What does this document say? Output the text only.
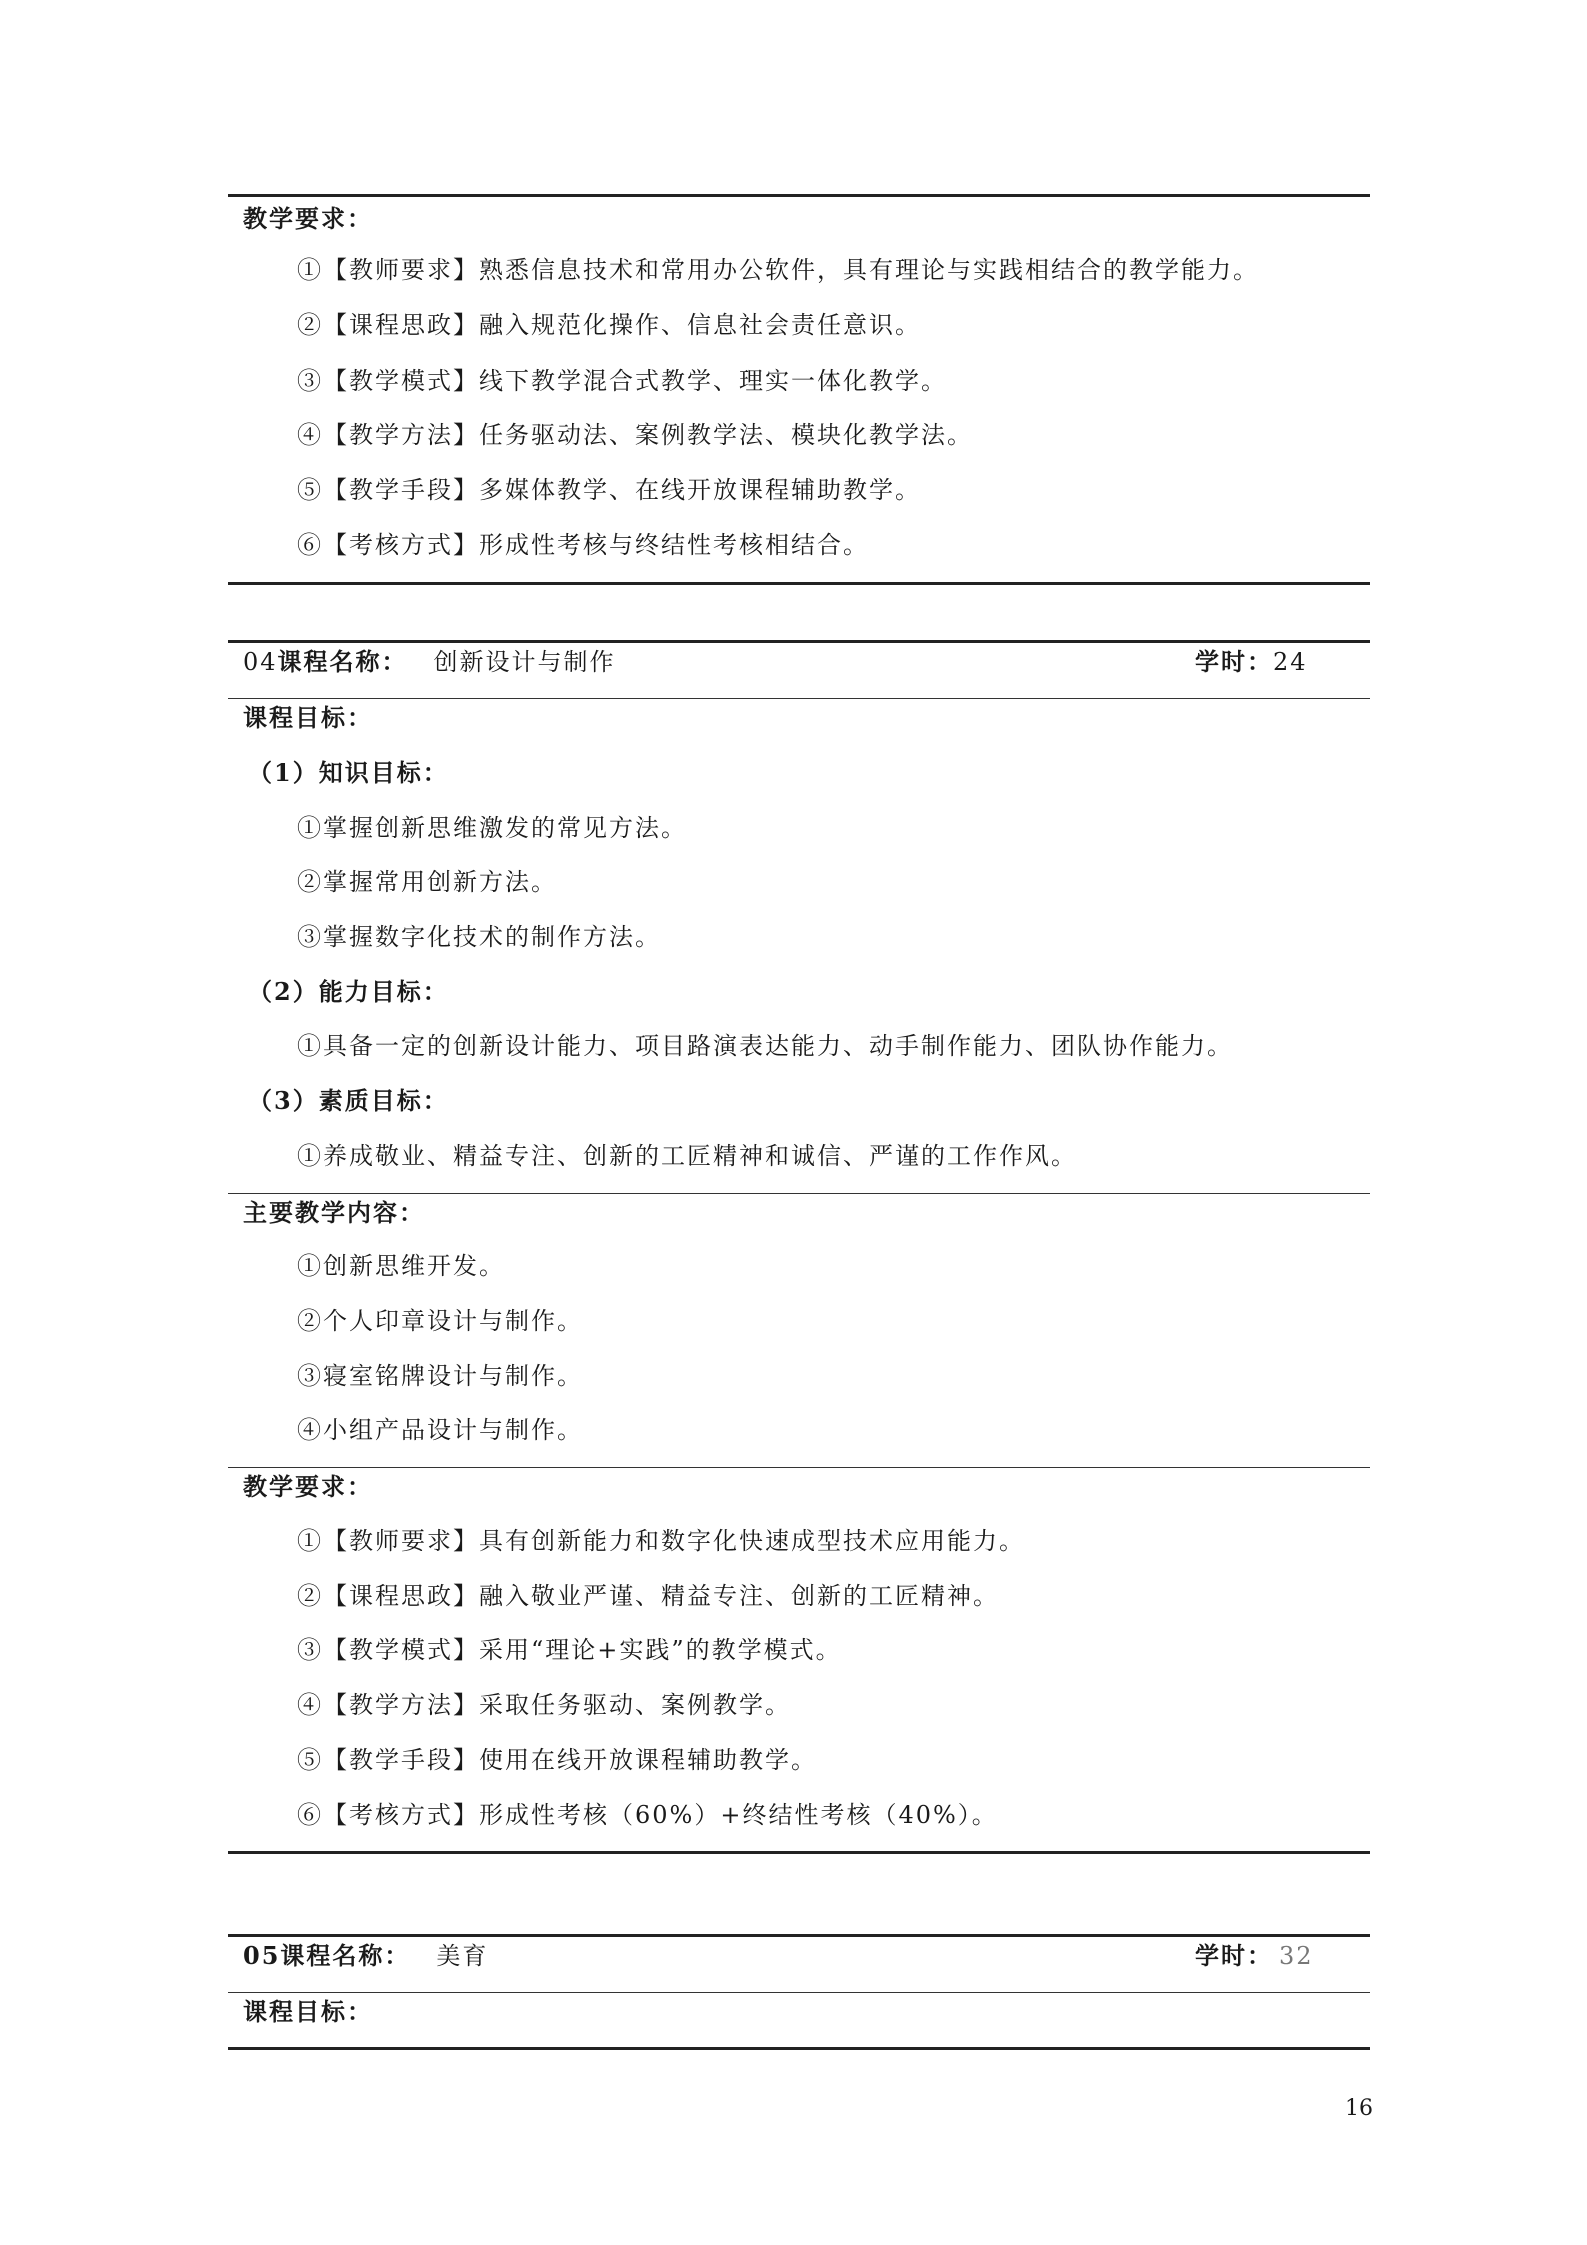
教学要求：
①【教师要求】熟悉信息技术和常用办公软件，具有理论与实践相结合的教学能力。
②【课程思政】融入规范化操作、信息社会责任意识。
③【教学模式】线下教学混合式教学、理实一体化教学。
④【教学方法】任务驱动法、案例教学法、模块化教学法。
⑤【教学手段】多媒体教学、在线开放课程辅助教学。
⑥【考核方式】形成性考核与终结性考核相结合。
04课程名称： 创新设计与制作	学时：24
课程目标：
（1）知识目标：
①掌握创新思维激发的常见方法。
②掌握常用创新方法。
③掌握数字化技术的制作方法。
（2）能力目标：
①具备一定的创新设计能力、项目路演表达能力、动手制作能力、团队协作能力。
（3）素质目标：
①养成敬业、精益专注、创新的工匠精神和诚信、严谨的工作作风。
主要教学内容：
①创新思维开发。
②个人印章设计与制作。
③寝室铭牌设计与制作。
④小组产品设计与制作。
教学要求：
①【教师要求】具有创新能力和数字化快速成型技术应用能力。
②【课程思政】融入敬业严谨、精益专注、创新的工匠精神。
③【教学模式】采用“理论+实践”的教学模式。
④【教学方法】采取任务驱动、案例教学。
⑤【教学手段】使用在线开放课程辅助教学。
⑥【考核方式】形成性考核（60%）+终结性考核（40%）。
05课程名称： 美育	学时： 32
课程目标：
16
